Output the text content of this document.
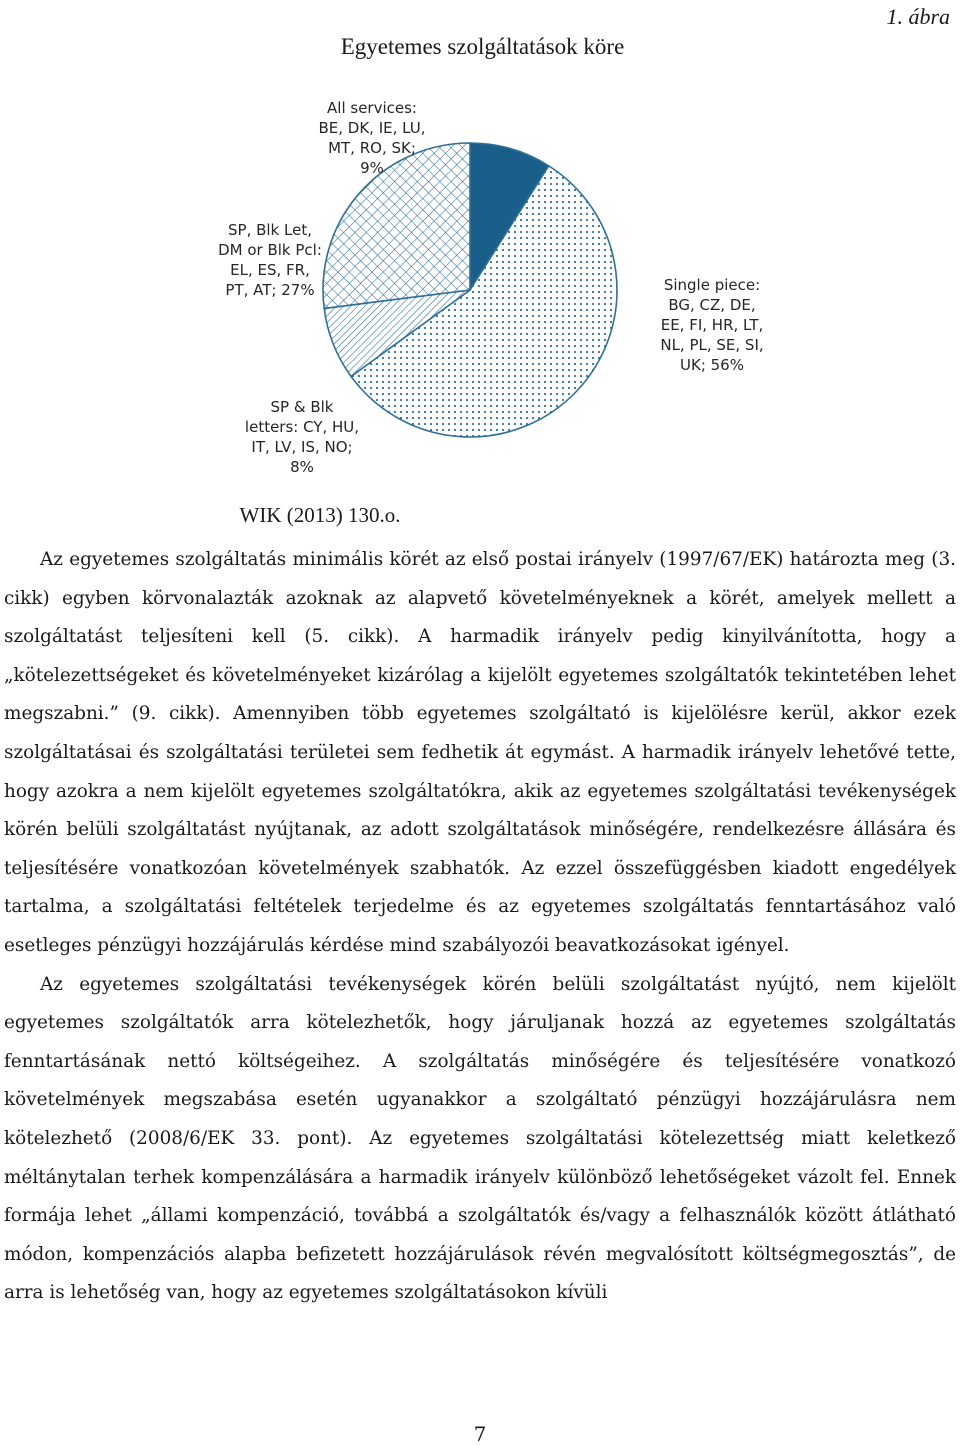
1. ábra
Egyetemes szolgáltatások köre
All services: BE, DK, IE, LU, MT, RO, SK; 9%
Single piece: BG, CZ, DE, EE, FI, HR, LT, NL, PL, SE, SI, UK; 56%
SP & Blk letters: CY, HU, IT, LV, IS, NO; 8%
SP, Blk Let, DM or Blk Pcl: EL, ES, FR, PT, AT; 27%
WIK (2013) 130.o.

Az egyetemes szolgáltatás minimális körét az első postai irányelv (1997/67/EK) határozta meg (3. cikk) egyben körvonalazták azoknak az alapvető követelményeknek a körét, amelyek mellett a szolgáltatást teljesíteni kell (5. cikk). A harmadik irányelv pedig kinyilvánította, hogy a „kötelezettségeket és követelményeket kizárólag a kijelölt egyetemes szolgáltatók tekintetében lehet megszabni.” (9. cikk). Amennyiben több egyetemes szolgáltató is kijelölésre kerül, akkor ezek szolgáltatásai és szolgáltatási területei sem fedhetik át egymást. A harmadik irányelv lehetővé tette, hogy azokra a nem kijelölt egyetemes szolgáltatókra, akik az egyetemes szolgáltatási tevékenységek körén belüli szolgáltatást nyújtanak, az adott szolgáltatások minőségére, rendelkezésre állására és teljesítésére vonatkozóan követelmények szabhatók. Az ezzel összefüggésben kiadott engedélyek tartalma, a szolgáltatási feltételek terjedelme és az egyetemes szolgáltatás fenntartásához való esetleges pénzügyi hozzájárulás kérdése mind szabályozói beavatkozásokat igényel.

Az egyetemes szolgáltatási tevékenységek körén belüli szolgáltatást nyújtó, nem kijelölt egyetemes szolgáltatók arra kötelezhetők, hogy járuljanak hozzá az egyetemes szolgáltatás fenntartásának nettó költségeihez. A szolgáltatás minőségére és teljesítésére vonatkozó követelmények megszabása esetén ugyanakkor a szolgáltató pénzügyi hozzájárulásra nem kötelezhető (2008/6/EK 33. pont). Az egyetemes szolgáltatási kötelezettség miatt keletkező méltánytalan terhek kompenzálására a harmadik irányelv különböző lehetőségeket vázolt fel. Ennek formája lehet „állami kompenzáció, továbbá a szolgáltatók és/vagy a felhasználók között átlátható módon, kompenzációs alapba befizetett hozzájárulások révén megvalósított költségmegosztás”, de arra is lehetőség van, hogy az egyetemes szolgáltatásokon kívüli

7
